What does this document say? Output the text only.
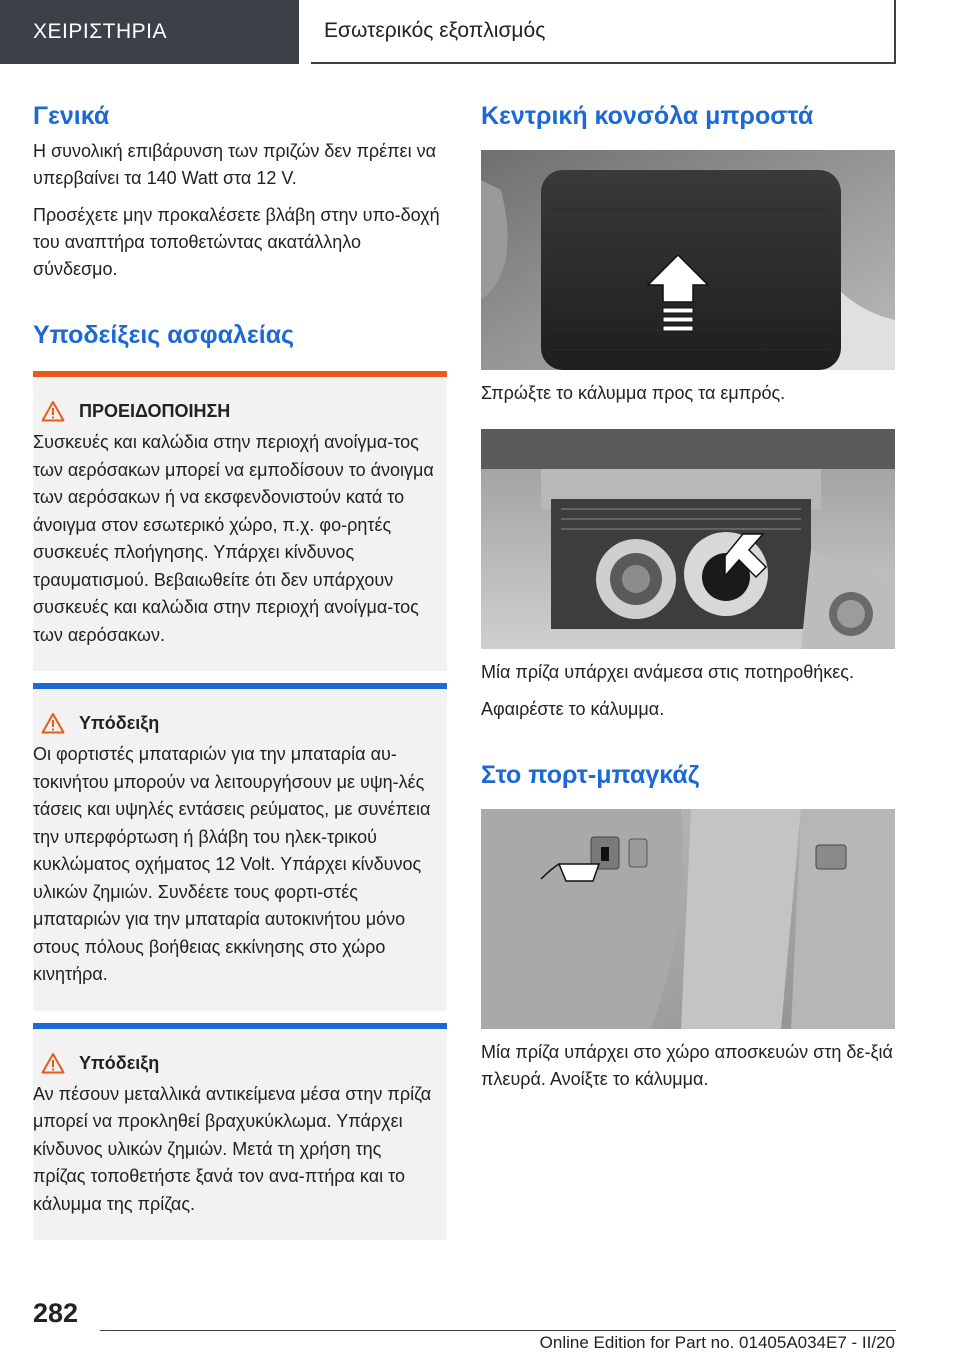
ΧΕΙΡΙΣΤΗΡΙΑ	Εσωτερικός εξοπλισμός
Γενικά

Η συνολική επιβάρυνση των πριζών δεν πρέπει να υπερβαίνει τα 140 Watt στα 12 V.

Προσέχετε μην προκαλέσετε βλάβη στην υπο-δοχή του αναπτήρα τοποθετώντας ακατάλληλο σύνδεσμο.

Υποδείξεις ασφαλείας
ΠΡΟΕΙΔΟΠΟΙΗΣΗ
Συσκευές και καλώδια στην περιοχή ανοίγμα-τος των αερόσακων μπορεί να εμποδίσουν το άνοιγμα των αερόσακων ή να εκσφενδονιστούν κατά το άνοιγμα στον εσωτερικό χώρο, π.χ. φο-ρητές συσκευές πλοήγησης. Υπάρχει κίνδυνος τραυματισμού. Βεβαιωθείτε ότι δεν υπάρχουν συσκευές και καλώδια στην περιοχή ανοίγμα-τος των αερόσακων.
Υπόδειξη
Οι φορτιστές μπαταριών για την μπαταρία αυ-τοκινήτου μπορούν να λειτουργήσουν με υψη-λές τάσεις και υψηλές εντάσεις ρεύματος, με συνέπεια την υπερφόρτωση ή βλάβη του ηλεκ-τρικού κυκλώματος οχήματος 12 Volt. Υπάρχει κίνδυνος υλικών ζημιών. Συνδέετε τους φορτι-στές μπαταριών για την μπαταρία αυτοκινήτου μόνο στους πόλους βοήθειας εκκίνησης στο χώρο κινητήρα.
Υπόδειξη
Αν πέσουν μεταλλικά αντικείμενα μέσα στην πρίζα μπορεί να προκληθεί βραχυκύκλωμα. Υπάρχει κίνδυνος υλικών ζημιών. Μετά τη χρήση της πρίζας τοποθετήστε ξανά τον ανα-πτήρα και το κάλυμμα της πρίζας.
Κεντρική κονσόλα μπροστά

Σπρώξτε το κάλυμμα προς τα εμπρός.

Μία πρίζα υπάρχει ανάμεσα στις ποτηροθήκες.

Αφαιρέστε το κάλυμμα.

Στο πορτ-μπαγκάζ

Μία πρίζα υπάρχει στο χώρο αποσκευών στη δε-ξιά πλευρά. Ανοίξτε το κάλυμμα.

282
Online Edition for Part no. 01405A034E7 - II/20
